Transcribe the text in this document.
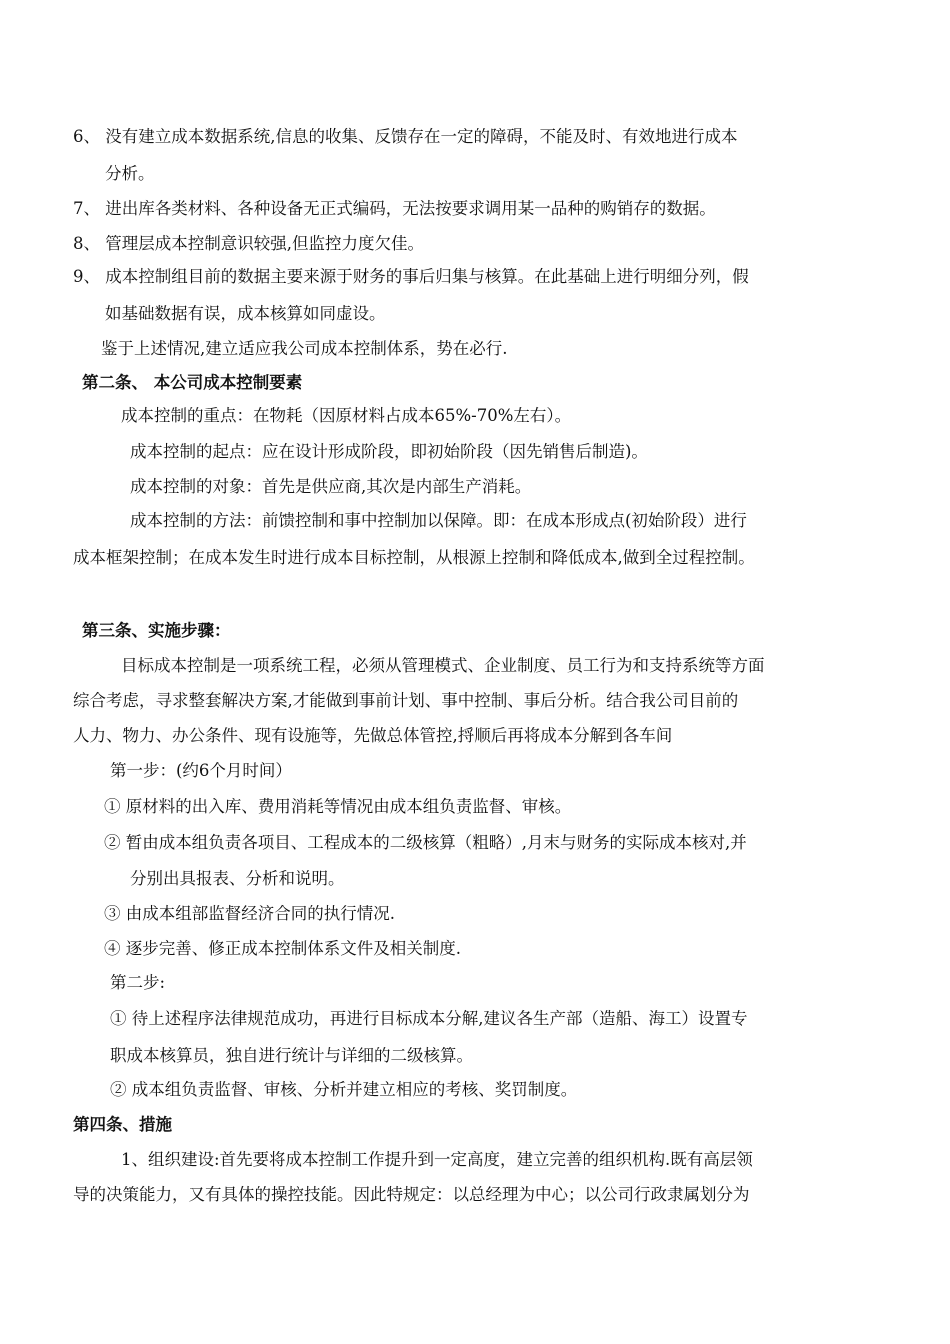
6、 没有建立成本数据系统,信息的收集、反馈存在一定的障碍，不能及时、有效地进行成本
分析。
7、 进出库各类材料、各种设备无正式编码，无法按要求调用某一品种的购销存的数据。
8、 管理层成本控制意识较强,但监控力度欠佳。
9、 成本控制组目前的数据主要来源于财务的事后归集与核算。在此基础上进行明细分列，假
如基础数据有误，成本核算如同虚设。
鉴于上述情况,建立适应我公司成本控制体系，势在必行.
第二条、 本公司成本控制要素
成本控制的重点：在物耗（因原材料占成本65%-70%左右）。
成本控制的起点：应在设计形成阶段，即初始阶段（因先销售后制造)。
成本控制的对象：首先是供应商,其次是内部生产消耗。
成本控制的方法：前馈控制和事中控制加以保障。即：在成本形成点(初始阶段）进行
成本框架控制；在成本发生时进行成本目标控制，从根源上控制和降低成本,做到全过程控制。
第三条、实施步骤：
目标成本控制是一项系统工程，必须从管理模式、企业制度、员工行为和支持系统等方面
综合考虑，寻求整套解决方案,才能做到事前计划、事中控制、事后分析。结合我公司目前的
人力、物力、办公条件、现有设施等，先做总体管控,捋顺后再将成本分解到各车间
第一步：(约6个月时间）
① 原材料的出入库、费用消耗等情况由成本组负责监督、审核。
② 暂由成本组负责各项目、工程成本的二级核算（粗略）,月末与财务的实际成本核对,并
分别出具报表、分析和说明。
③ 由成本组部监督经济合同的执行情况.
④ 逐步完善、修正成本控制体系文件及相关制度.
第二步:
① 待上述程序法律规范成功，再进行目标成本分解,建议各生产部（造船、海工）设置专
职成本核算员，独自进行统计与详细的二级核算。
② 成本组负责监督、审核、分析并建立相应的考核、奖罚制度。
第四条、措施
1、组织建设:首先要将成本控制工作提升到一定高度，建立完善的组织机构.既有高层领
导的决策能力，又有具体的操控技能。因此特规定：以总经理为中心；以公司行政隶属划分为
